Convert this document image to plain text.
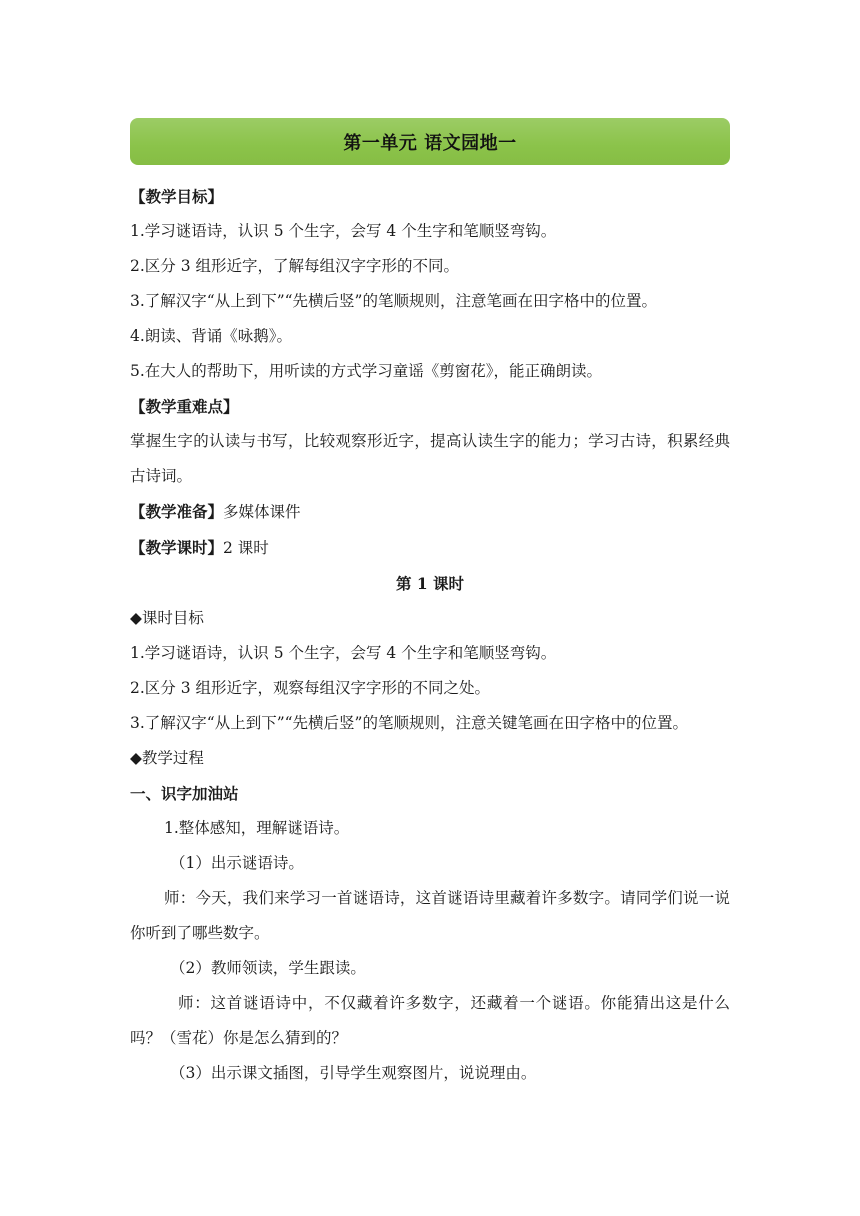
第一单元 语文园地一

【教学目标】

1.学习谜语诗，认识 5 个生字，会写 4 个生字和笔顺竖弯钩。

2.区分 3 组形近字，了解每组汉字字形的不同。

3.了解汉字“从上到下”“先横后竖”的笔顺规则，注意笔画在田字格中的位置。

4.朗读、背诵《咏鹅》。

5.在大人的帮助下，用听读的方式学习童谣《剪窗花》，能正确朗读。

【教学重难点】

掌握生字的认读与书写，比较观察形近字，提高认读生字的能力；学习古诗，积累经典古诗词。

【教学准备】多媒体课件

【教学课时】2 课时

第 1 课时

◆课时目标

1.学习谜语诗，认识 5 个生字，会写 4 个生字和笔顺竖弯钩。

2.区分 3 组形近字，观察每组汉字字形的不同之处。

3.了解汉字“从上到下”“先横后竖”的笔顺规则，注意关键笔画在田字格中的位置。

◆教学过程

一、识字加油站

1.整体感知，理解谜语诗。

（1）出示谜语诗。

师：今天，我们来学习一首谜语诗，这首谜语诗里藏着许多数字。请同学们说一说你听到了哪些数字。

（2）教师领读，学生跟读。

师：这首谜语诗中，不仅藏着许多数字，还藏着一个谜语。你能猜出这是什么吗？（雪花）你是怎么猜到的？

（3）出示课文插图，引导学生观察图片，说说理由。
